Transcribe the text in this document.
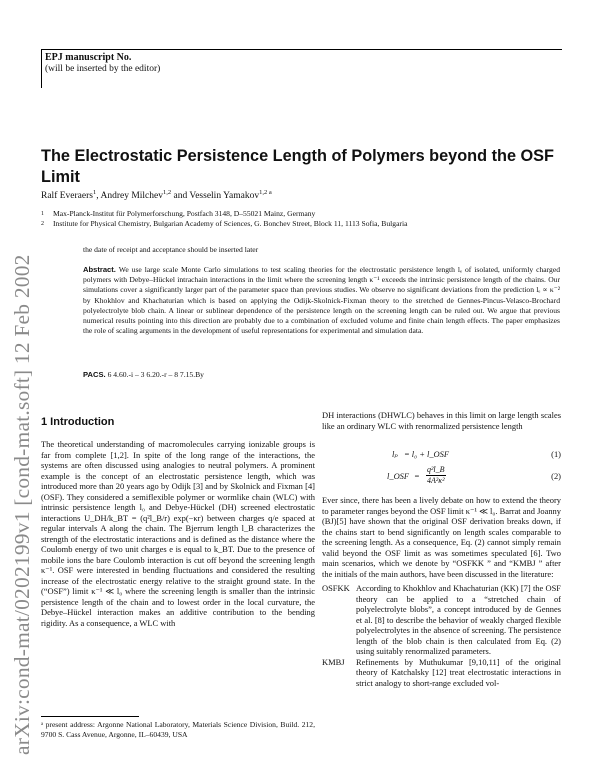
EPJ manuscript No.
(will be inserted by the editor)
arXiv:cond-mat/0202199v1 [cond-mat.soft] 12 Feb 2002
The Electrostatic Persistence Length of Polymers beyond the OSF Limit
Ralf Everaers$^1$, Andrey Milchev$^{1,2}$ and Vesselin Yamakov$^{1,2 a}$
1 Max-Planck-Institut für Polymerforschung, Postfach 3148, D–55021 Mainz, Germany
2 Institute for Physical Chemistry, Bulgarian Academy of Sciences, G. Bonchev Street, Block 11, 1113 Sofia, Bulgaria
the date of receipt and acceptance should be inserted later
Abstract. We use large scale Monte Carlo simulations to test scaling theories for the electrostatic persistence length lₑ of isolated, uniformly charged polymers with Debye–Hückel intrachain interactions in the limit where the screening length κ⁻¹ exceeds the intrinsic persistence length of the chains. Our simulations cover a significantly larger part of the parameter space than previous studies. We observe no significant deviations from the prediction lₑ ∝ κ⁻² by Khokhlov and Khachaturian which is based on applying the Odijk-Skolnick-Fixman theory to the stretched de Gennes-Pincus-Velasco-Brochard polyelectrolyte blob chain. A linear or sublinear dependence of the persistence length on the screening length can be ruled out. We argue that previous numerical results pointing into this direction are probably due to a combination of excluded volume and finite chain length effects. The paper emphasizes the role of scaling arguments in the development of useful representations for experimental and simulation data.
PACS. 6 4.60.-i – 3 6.20.-r – 8 7.15.By
1 Introduction
The theoretical understanding of macromolecules carrying ionizable groups is far from complete [1,2]. In spite of the long range of the interactions, the systems are often discussed using analogies to neutral polymers. A prominent example is the concept of an electrostatic persistence length, which was introduced more than 20 years ago by Odijk [3] and by Skolnick and Fixman [4] (OSF). They considered a semiflexible polymer or wormlike chain (WLC) with intrinsic persistence length l₀ and Debye-Hückel (DH) screened electrostatic interactions U_DH/k_BT = (q²l_B/r) exp(−κr) between charges q/e spaced at regular intervals A along the chain. The Bjerrum length l_B characterizes the strength of the electrostatic interactions and is defined as the distance where the Coulomb energy of two unit charges e is equal to k_BT. Due to the presence of mobile ions the bare Coulomb interaction is cut off beyond the screening length κ⁻¹. OSF were interested in bending fluctuations and considered the resulting increase of the electrostatic energy relative to the straight ground state. In the (“OSF”) limit κ⁻¹ ≪ l₀ where the screening length is smaller than the intrinsic persistence length of the chain and to lowest order in the local curvature, the Debye–Hückel interaction makes an additive contribution to the bending rigidity. As a consequence, a WLC with
ᵃ present address: Argonne National Laboratory, Materials Science Division, Build. 212, 9700 S. Cass Avenue, Argonne, IL–60439, USA
DH interactions (DHWLC) behaves in this limit on large length scales like an ordinary WLC with renormalized persistence length
lₚ = l₀ + l_OSF	(1)
l_OSF = $\frac{\text{q²l\_B}}{\text{4A²κ²}}$	(2)
Ever since, there has been a lively debate on how to extend the theory to parameter ranges beyond the OSF limit κ⁻¹ ≪ l₀. Barrat and Joanny (BJ)[5] have shown that the original OSF derivation breaks down, if the chains start to bend significantly on length scales comparable to the screening length. As a consequence, Eq. (2) cannot simply remain valid beyond the OSF limit as was sometimes speculated [6]. Two main scenarios, which we denote by “OSFKK ” and “KMBJ ” after the initials of the main authors, have been discussed in the literature:
OSFKK According to Khokhlov and Khachaturian (KK) [7] the OSF theory can be applied to a “stretched chain of polyelectrolyte blobs”, a concept introduced by de Gennes et al. [8] to describe the behavior of weakly charged flexible polyelectrolytes in the absence of screening. The persistence length of the blob chain is then calculated from Eq. (2) using suitably renormalized parameters.
KMBJ	Refinements by Muthukumar [9,10,11] of the original theory of Katchalsky [12] treat electrostatic interactions in strict analogy to short-range excluded vol-
